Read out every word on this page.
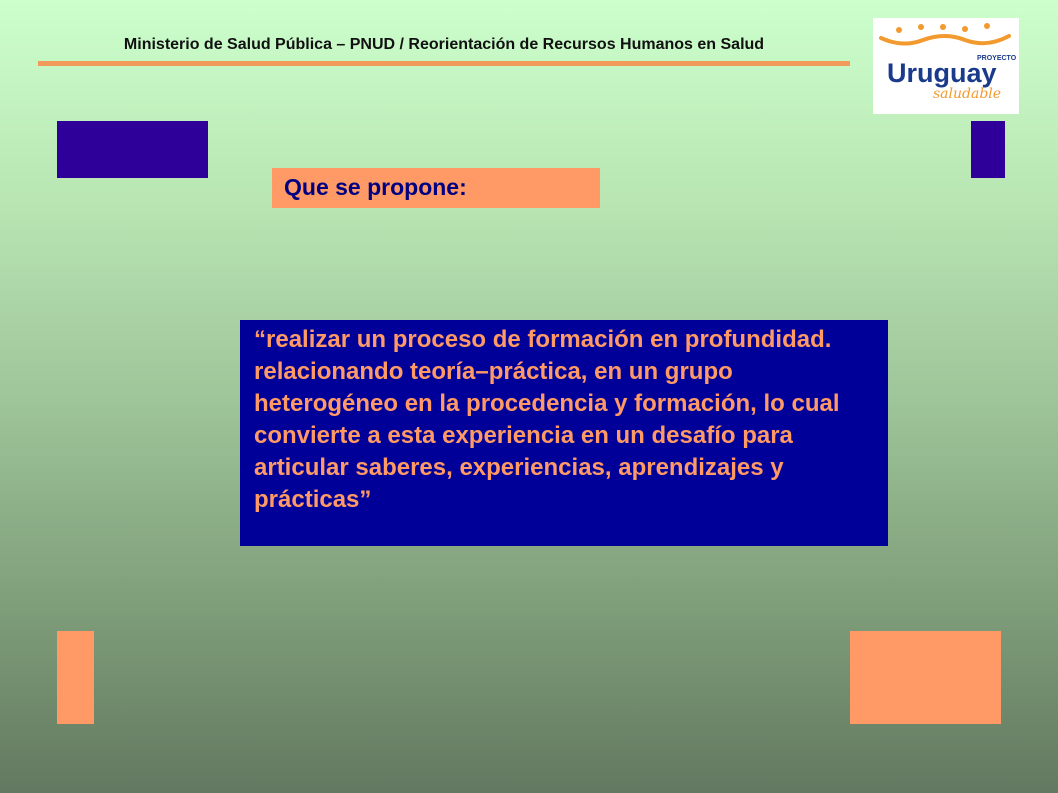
Ministerio de Salud Pública – PNUD / Reorientación de Recursos Humanos en Salud
PROYECTO
Uruguay
saludable
Que se propone:

“realizar un proceso de formación en profundidad. relacionando teoría–práctica, en un grupo heterogéneo en la procedencia y formación, lo cual convierte a esta experiencia en un desafío para articular saberes, experiencias, aprendizajes y prácticas”
